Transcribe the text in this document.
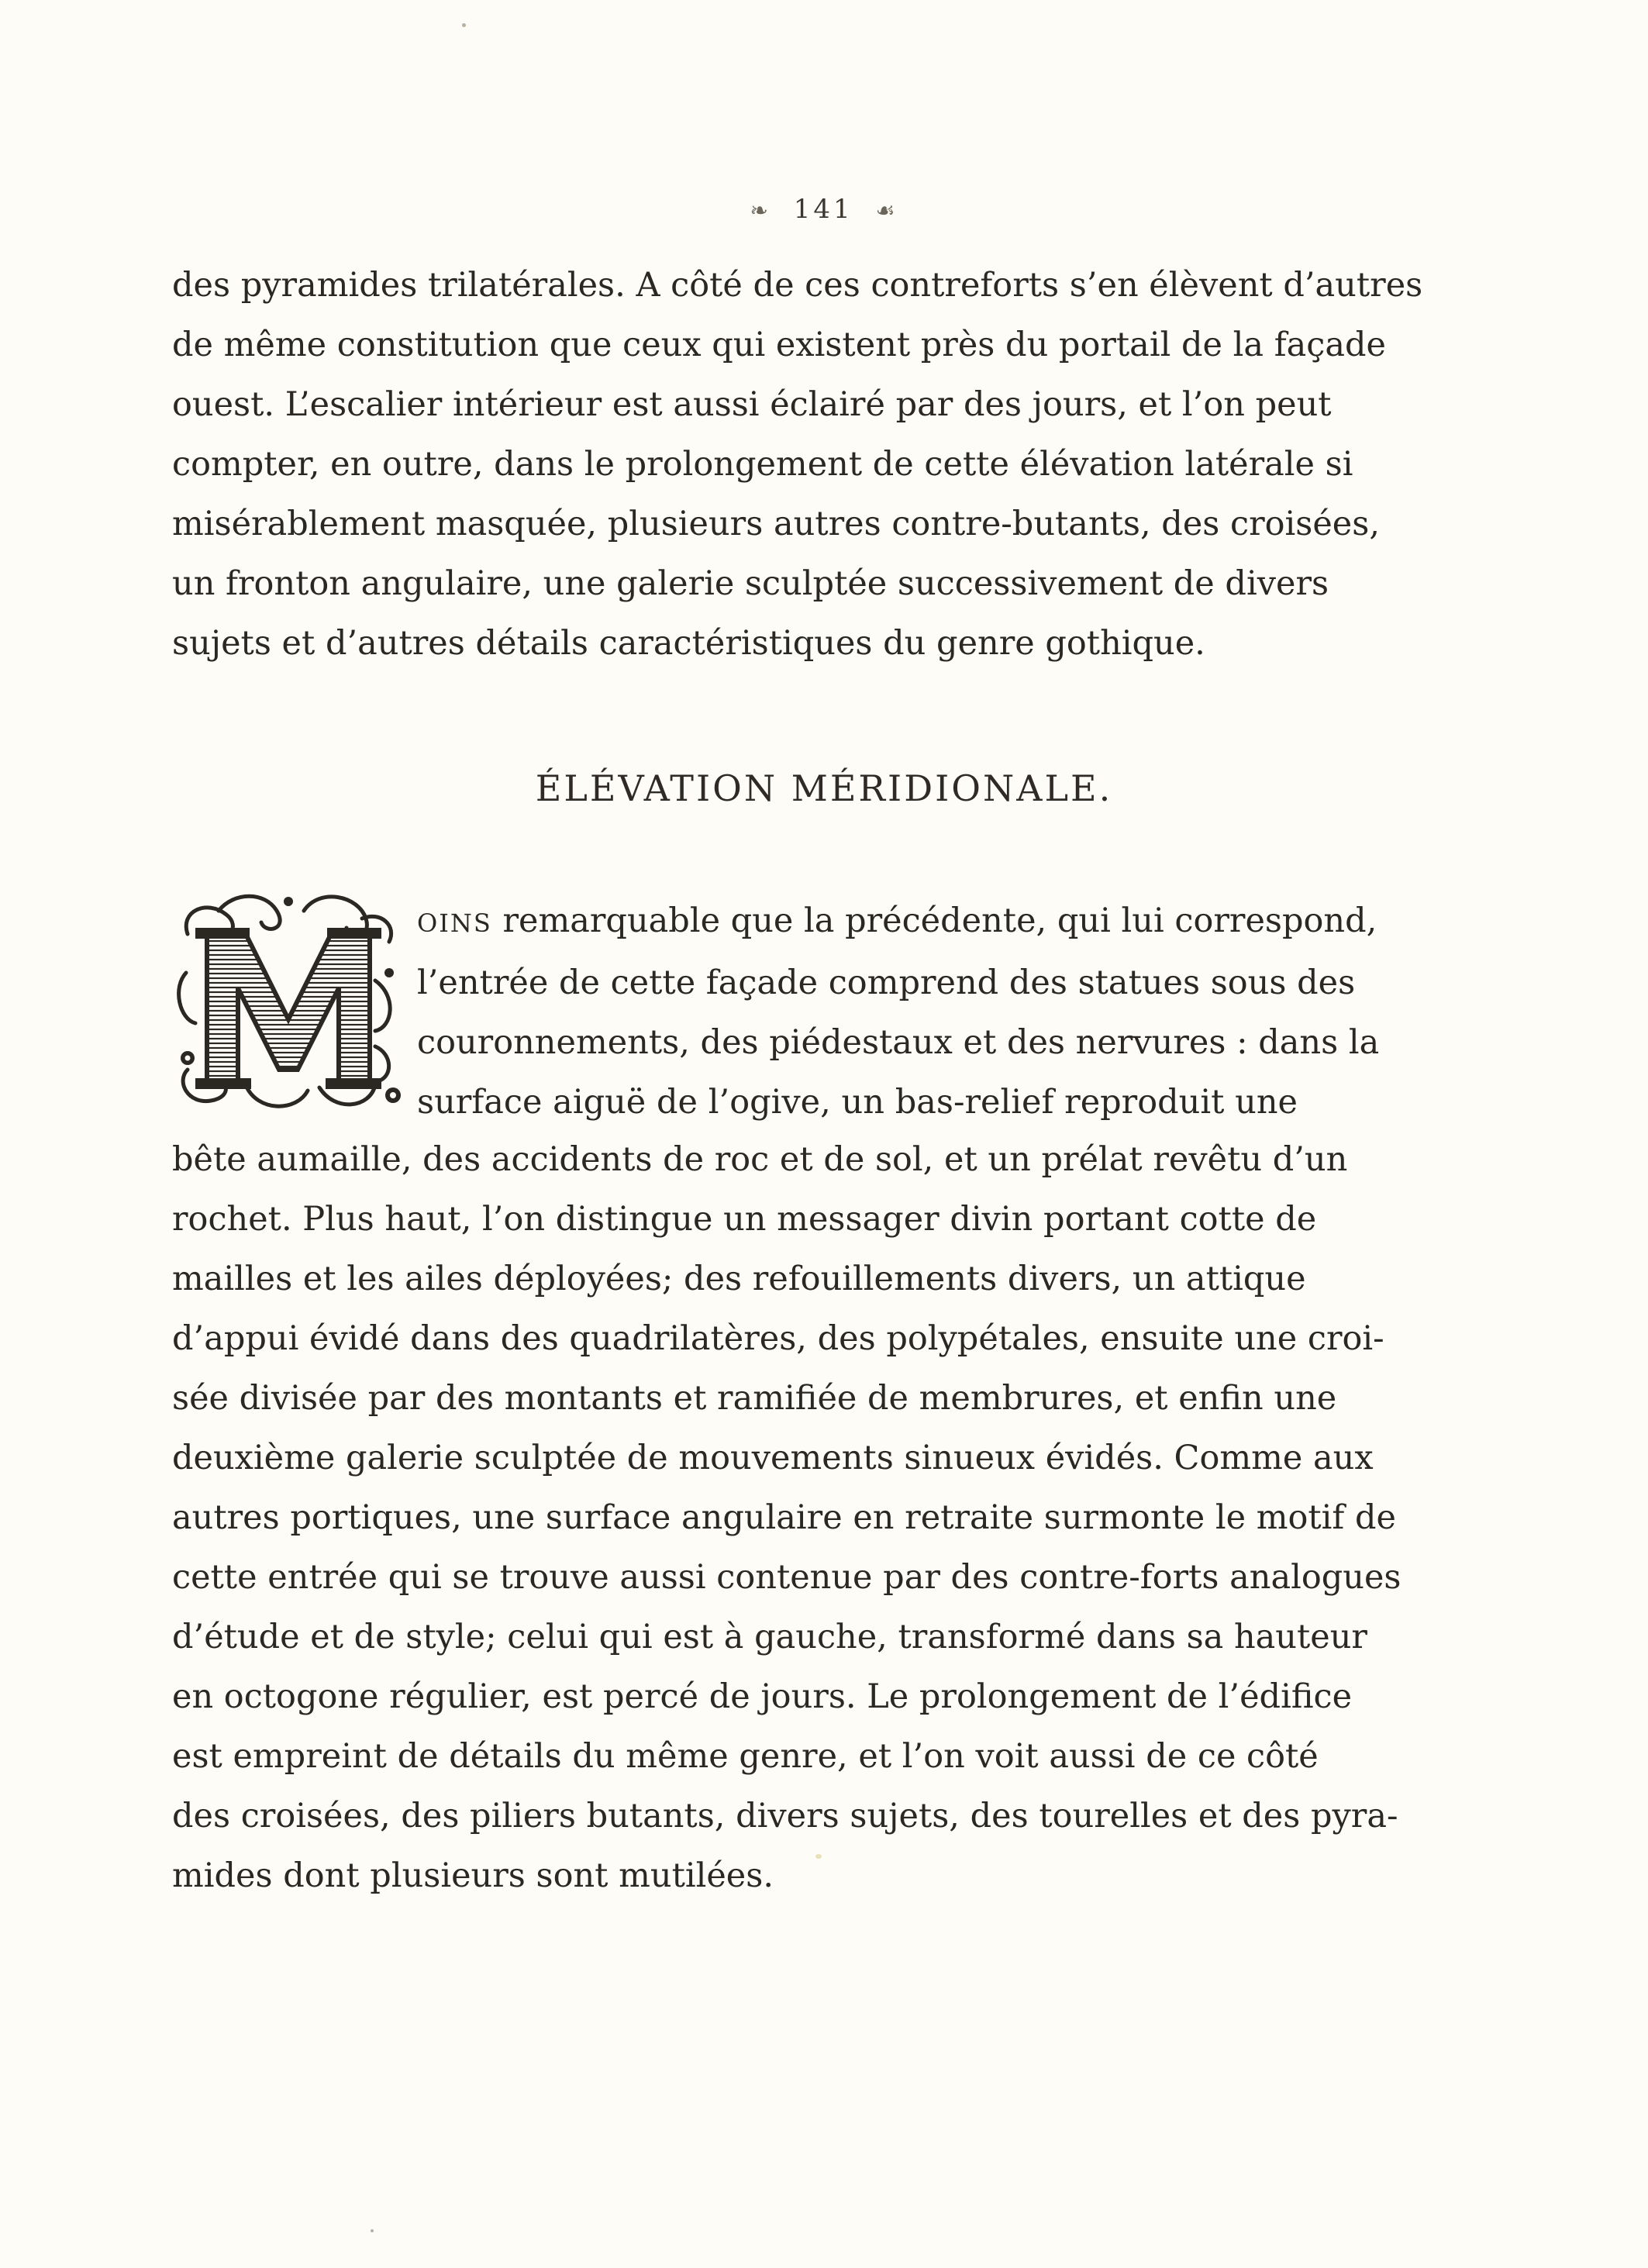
❧ 141 ☙
des pyramides trilatérales. A côté de ces contreforts s’en élèvent d’autres
de même constitution que ceux qui existent près du portail de la façade
ouest. L’escalier intérieur est aussi éclairé par des jours, et l’on peut
compter, en outre, dans le prolongement de cette élévation latérale si
misérablement masquée, plusieurs autres contre-butants, des croisées,
un fronton angulaire, une galerie sculptée successivement de divers
sujets et d’autres détails caractéristiques du genre gothique.
ÉLÉVATION MÉRIDIONALE.
OINS remarquable que la précédente, qui lui correspond,
l’entrée de cette façade comprend des statues sous des
couronnements, des piédestaux et des nervures : dans la
surface aiguë de l’ogive, un bas-relief reproduit une
bête aumaille, des accidents de roc et de sol, et un prélat revêtu d’un
rochet. Plus haut, l’on distingue un messager divin portant cotte de
mailles et les ailes déployées; des refouillements divers, un attique
d’appui évidé dans des quadrilatères, des polypétales, ensuite une croi-
sée divisée par des montants et ramifiée de membrures, et enfin une
deuxième galerie sculptée de mouvements sinueux évidés. Comme aux
autres portiques, une surface angulaire en retraite surmonte le motif de
cette entrée qui se trouve aussi contenue par des contre-forts analogues
d’étude et de style; celui qui est à gauche, transformé dans sa hauteur
en octogone régulier, est percé de jours. Le prolongement de l’édifice
est empreint de détails du même genre, et l’on voit aussi de ce côté
des croisées, des piliers butants, divers sujets, des tourelles et des pyra-
mides dont plusieurs sont mutilées.
